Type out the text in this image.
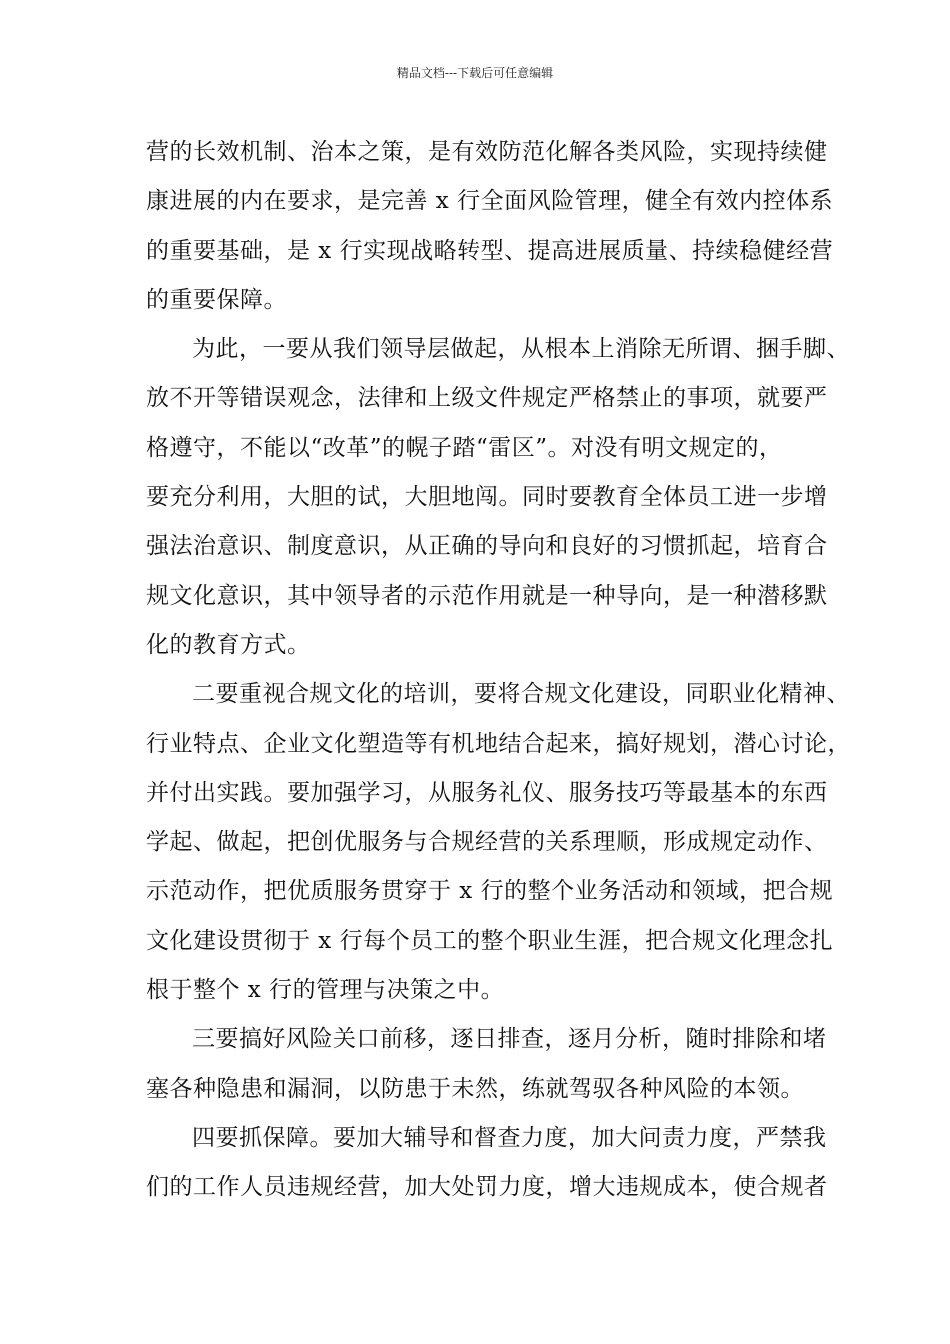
精品文档---下载后可任意编辑
营的长效机制、治本之策，是有效防范化解各类风险，实现持续健
康进展的内在要求，是完善 x 行全面风险管理，健全有效内控体系
的重要基础，是 x 行实现战略转型、提高进展质量、持续稳健经营
的重要保障。
为此，一要从我们领导层做起，从根本上消除无所谓、捆手脚、
放不开等错误观念，法律和上级文件规定严格禁止的事项，就要严
格遵守，不能以“改革”的幌子踏“雷区”。对没有明文规定的，
要充分利用，大胆的试，大胆地闯。同时要教育全体员工进一步增
强法治意识、制度意识，从正确的导向和良好的习惯抓起，培育合
规文化意识，其中领导者的示范作用就是一种导向，是一种潜移默
化的教育方式。
二要重视合规文化的培训，要将合规文化建设，同职业化精神、
行业特点、企业文化塑造等有机地结合起来，搞好规划，潜心讨论，
并付出实践。要加强学习，从服务礼仪、服务技巧等最基本的东西
学起、做起，把创优服务与合规经营的关系理顺，形成规定动作、
示范动作，把优质服务贯穿于 x 行的整个业务活动和领域，把合规
文化建设贯彻于 x 行每个员工的整个职业生涯，把合规文化理念扎
根于整个 x 行的管理与决策之中。
三要搞好风险关口前移，逐日排查，逐月分析，随时排除和堵
塞各种隐患和漏洞，以防患于未然，练就驾驭各种风险的本领。
四要抓保障。要加大辅导和督查力度，加大问责力度，严禁我
们的工作人员违规经营，加大处罚力度，增大违规成本，使合规者
